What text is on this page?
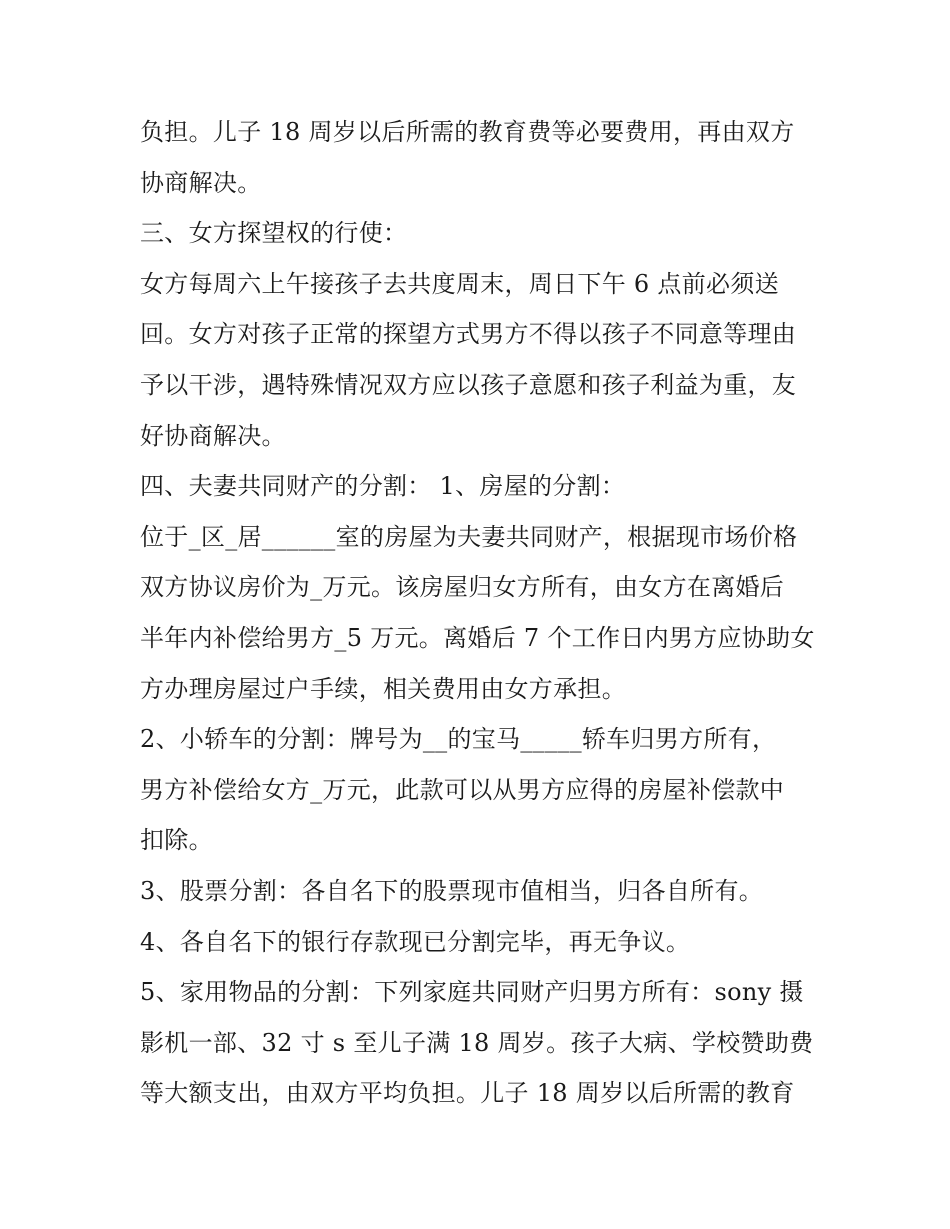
负担。儿子 18 周岁以后所需的教育费等必要费用，再由双方
协商解决。
三、女方探望权的行使：
女方每周六上午接孩子去共度周末，周日下午 6 点前必须送
回。女方对孩子正常的探望方式男方不得以孩子不同意等理由
予以干涉，遇特殊情况双方应以孩子意愿和孩子利益为重，友
好协商解决。
四、夫妻共同财产的分割： 1、房屋的分割：
位于_区_居______室的房屋为夫妻共同财产，根据现市场价格
双方协议房价为_万元。该房屋归女方所有，由女方在离婚后
半年内补偿给男方_5 万元。离婚后 7 个工作日内男方应协助女
方办理房屋过户手续，相关费用由女方承担。
2、小轿车的分割：牌号为__的宝马_____轿车归男方所有，
男方补偿给女方_万元，此款可以从男方应得的房屋补偿款中
扣除。
3、股票分割：各自名下的股票现市值相当，归各自所有。
4、各自名下的银行存款现已分割完毕，再无争议。
5、家用物品的分割：下列家庭共同财产归男方所有：sony 摄
影机一部、32 寸 s 至儿子满 18 周岁。孩子大病、学校赞助费
等大额支出，由双方平均负担。儿子 18 周岁以后所需的教育
